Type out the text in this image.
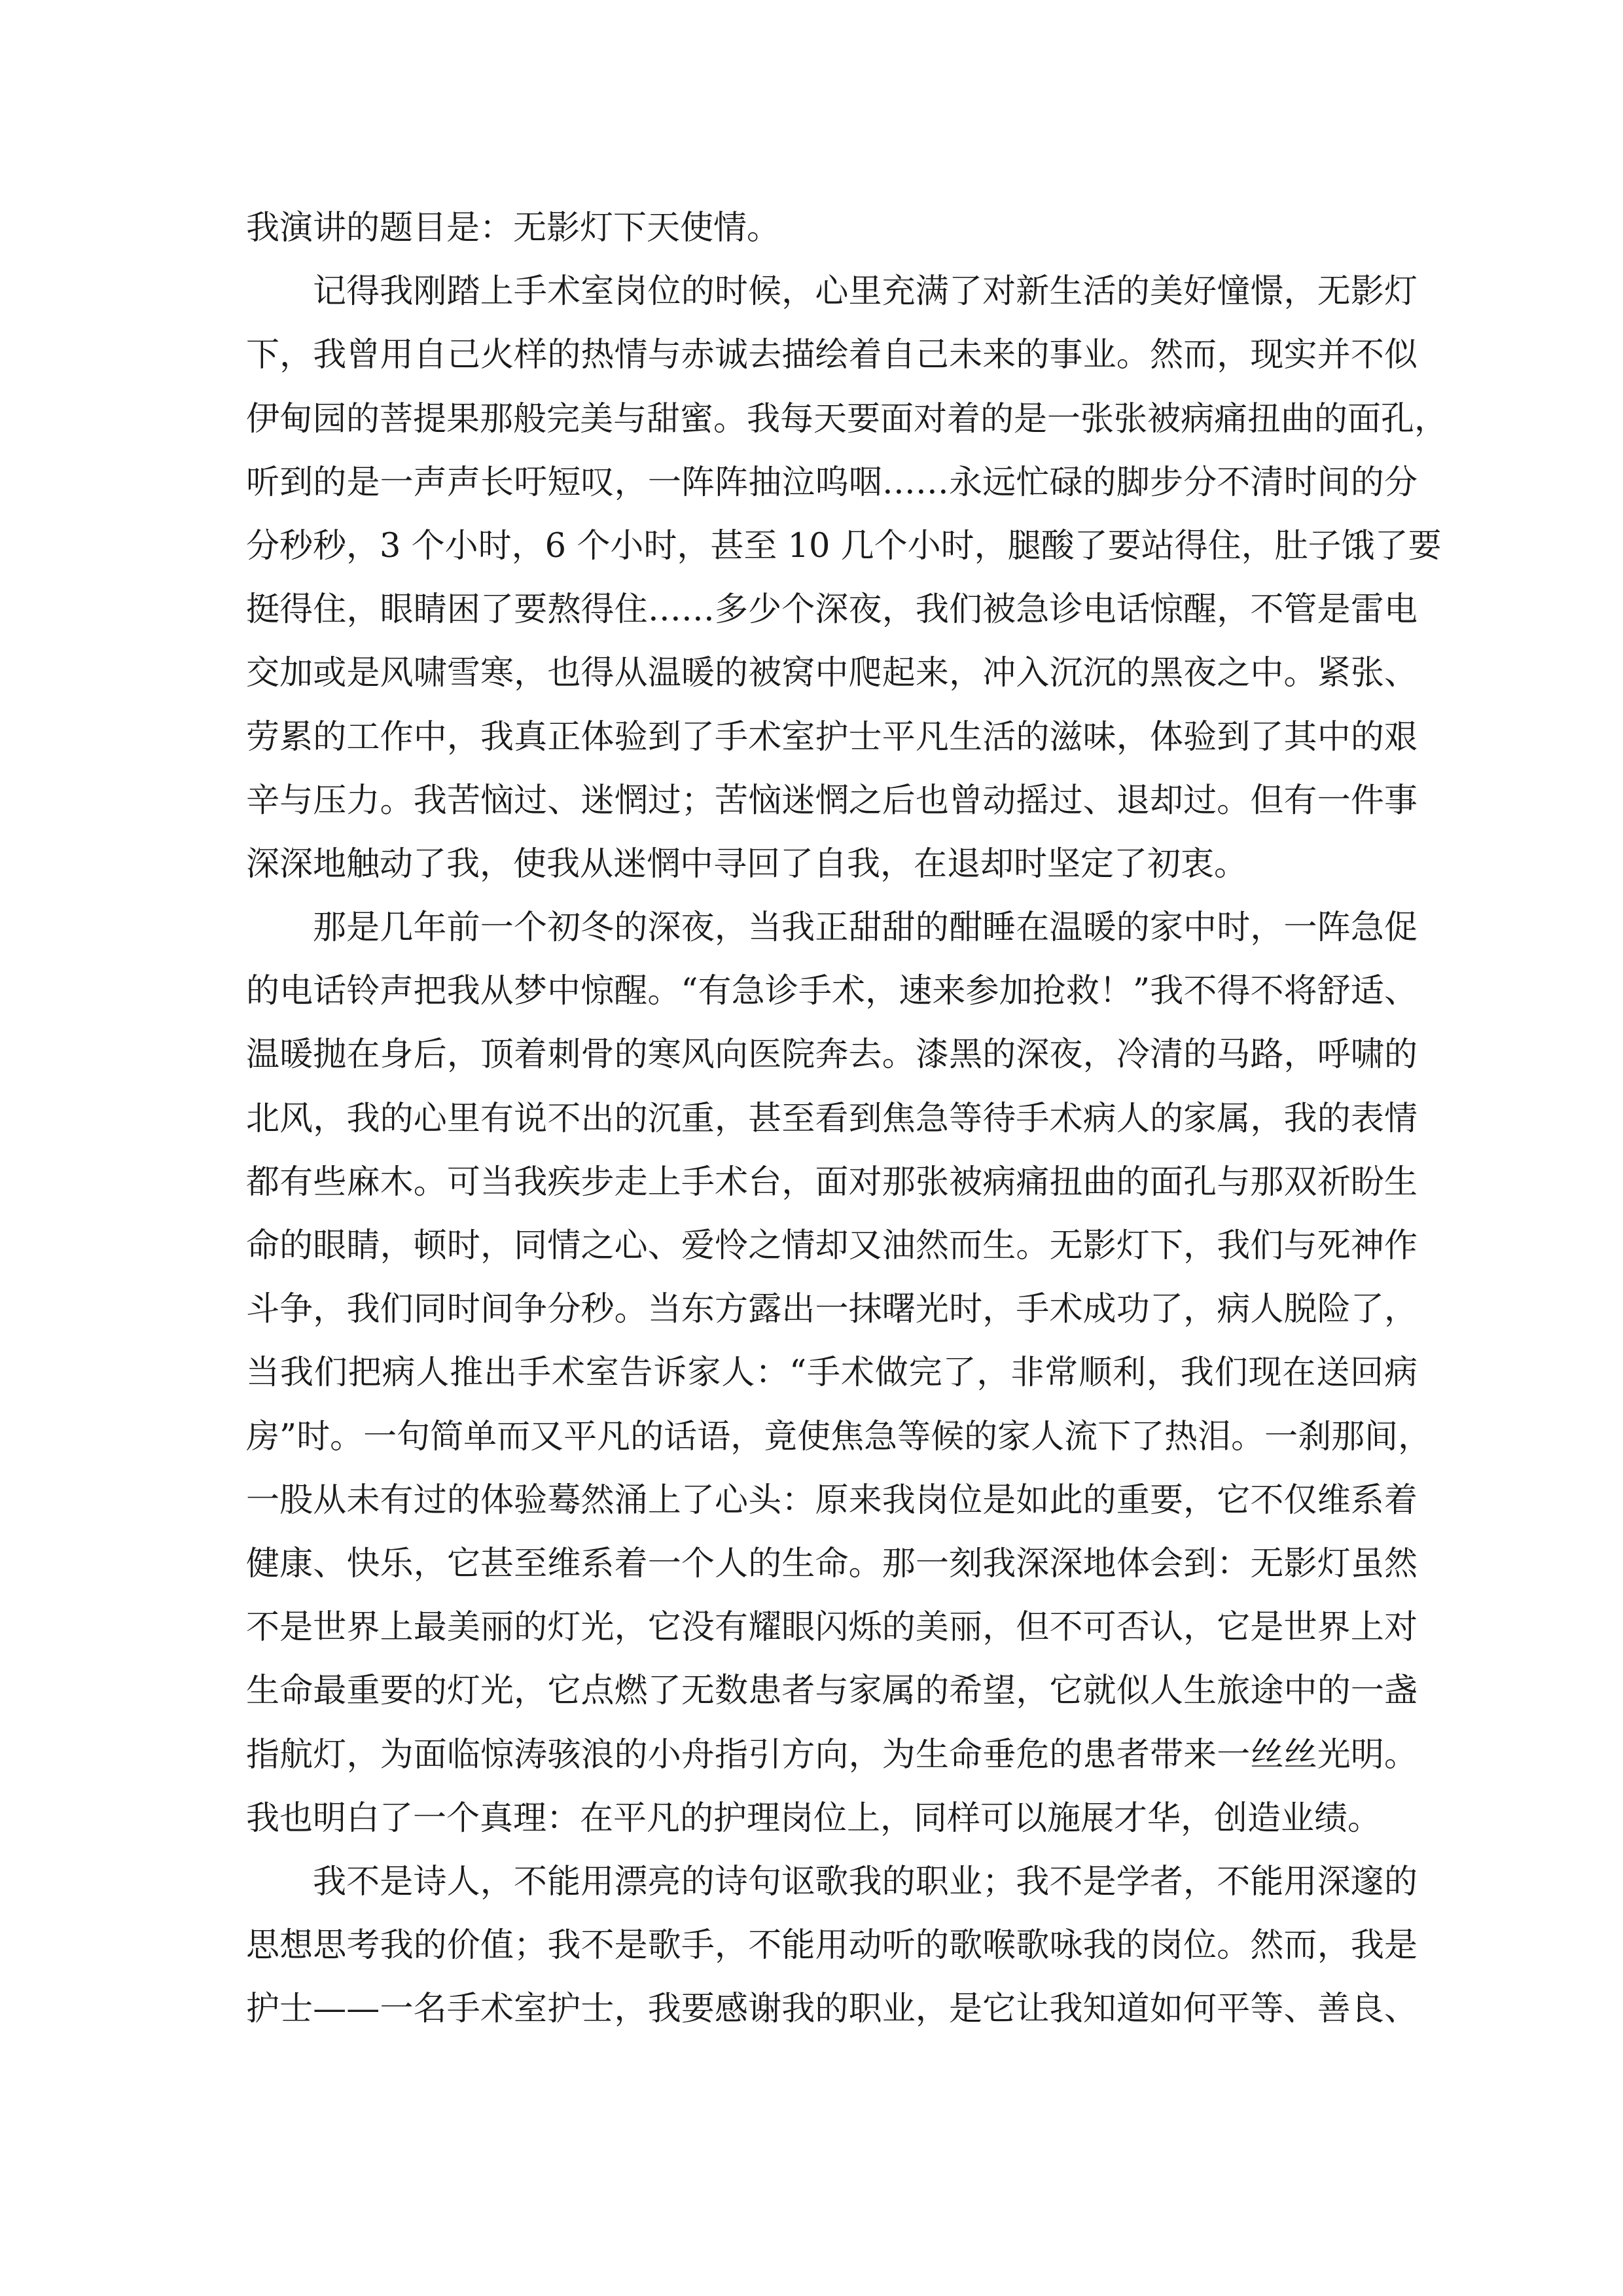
我演讲的题目是：无影灯下天使情。
记得我刚踏上手术室岗位的时候，心里充满了对新生活的美好憧憬，无影灯
下，我曾用自己火样的热情与赤诚去描绘着自己未来的事业。然而，现实并不似
伊甸园的菩提果那般完美与甜蜜。我每天要面对着的是一张张被病痛扭曲的面孔，
听到的是一声声长吁短叹，一阵阵抽泣呜咽……永远忙碌的脚步分不清时间的分
分秒秒，3 个小时，6 个小时，甚至 10 几个小时，腿酸了要站得住，肚子饿了要
挺得住，眼睛困了要熬得住……多少个深夜，我们被急诊电话惊醒，不管是雷电
交加或是风啸雪寒，也得从温暖的被窝中爬起来，冲入沉沉的黑夜之中。紧张、
劳累的工作中，我真正体验到了手术室护士平凡生活的滋味，体验到了其中的艰
辛与压力。我苦恼过、迷惘过；苦恼迷惘之后也曾动摇过、退却过。但有一件事
深深地触动了我，使我从迷惘中寻回了自我，在退却时坚定了初衷。
那是几年前一个初冬的深夜，当我正甜甜的酣睡在温暖的家中时，一阵急促
的电话铃声把我从梦中惊醒。“有急诊手术，速来参加抢救！”我不得不将舒适、
温暖抛在身后，顶着刺骨的寒风向医院奔去。漆黑的深夜，冷清的马路，呼啸的
北风，我的心里有说不出的沉重，甚至看到焦急等待手术病人的家属，我的表情
都有些麻木。可当我疾步走上手术台，面对那张被病痛扭曲的面孔与那双祈盼生
命的眼睛，顿时，同情之心、爱怜之情却又油然而生。无影灯下，我们与死神作
斗争，我们同时间争分秒。当东方露出一抹曙光时，手术成功了，病人脱险了，
当我们把病人推出手术室告诉家人：“手术做完了，非常顺利，我们现在送回病
房”时。一句简单而又平凡的话语，竟使焦急等候的家人流下了热泪。一刹那间，
一股从未有过的体验蓦然涌上了心头：原来我岗位是如此的重要，它不仅维系着
健康、快乐，它甚至维系着一个人的生命。那一刻我深深地体会到：无影灯虽然
不是世界上最美丽的灯光，它没有耀眼闪烁的美丽，但不可否认，它是世界上对
生命最重要的灯光，它点燃了无数患者与家属的希望，它就似人生旅途中的一盏
指航灯，为面临惊涛骇浪的小舟指引方向，为生命垂危的患者带来一丝丝光明。
我也明白了一个真理：在平凡的护理岗位上，同样可以施展才华，创造业绩。
我不是诗人，不能用漂亮的诗句讴歌我的职业；我不是学者，不能用深邃的
思想思考我的价值；我不是歌手，不能用动听的歌喉歌咏我的岗位。然而，我是
护士——一名手术室护士，我要感谢我的职业，是它让我知道如何平等、善良、
